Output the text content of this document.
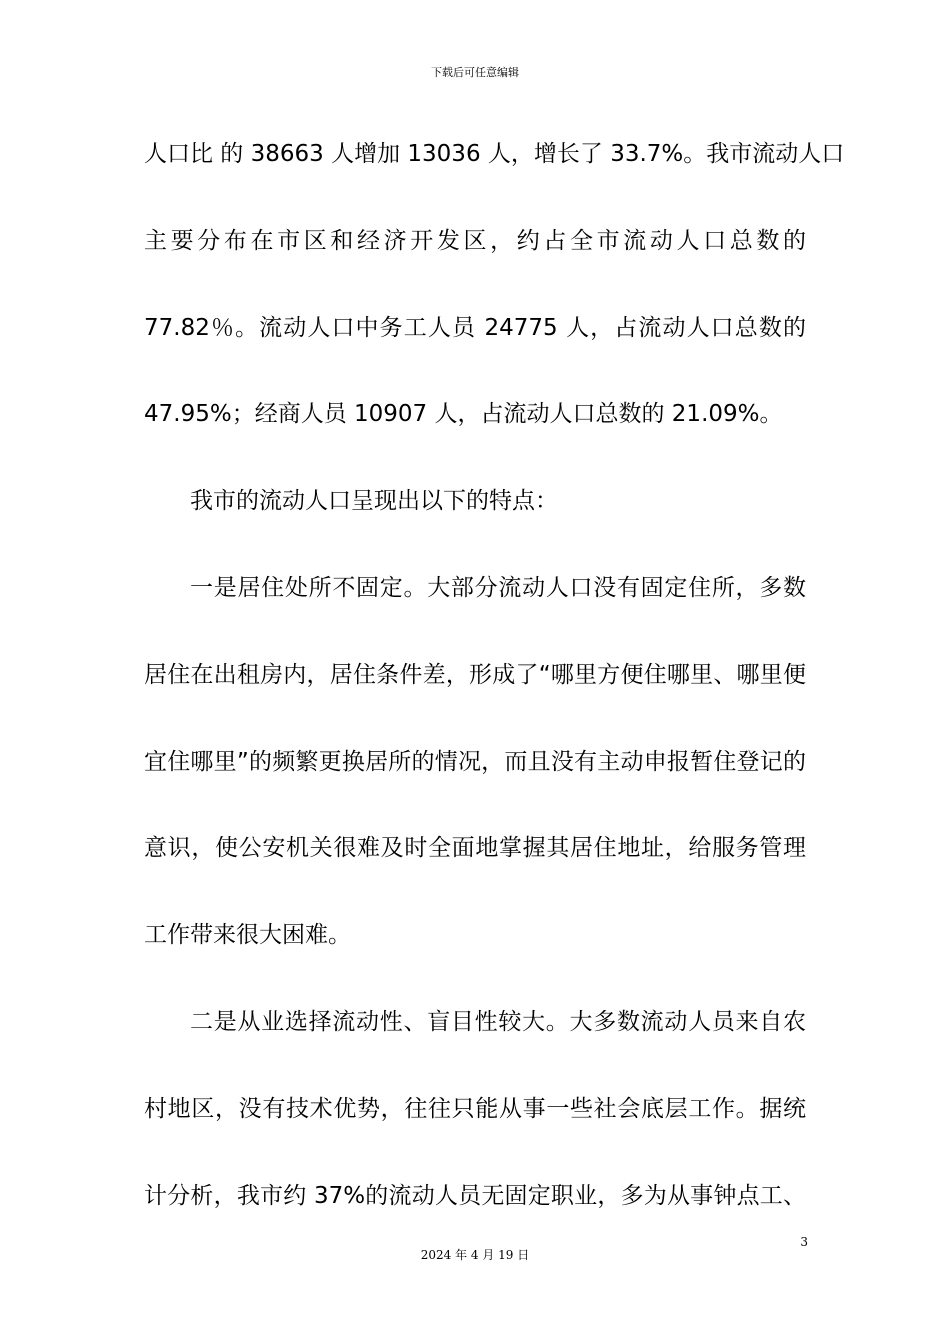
下载后可任意编辑
人口比 的 38663 人增加 13036 人，增长了 33.7%。我市流动人口
主要分布在市区和经济开发区，约占全市流动人口总数的
77.82％。流动人口中务工人员 24775 人，占流动人口总数的
47.95%；经商人员 10907 人，占流动人口总数的 21.09%。
我市的流动人口呈现出以下的特点：
一是居住处所不固定。大部分流动人口没有固定住所，多数
居住在出租房内，居住条件差，形成了“哪里方便住哪里、哪里便
宜住哪里”的频繁更换居所的情况，而且没有主动申报暂住登记的
意识，使公安机关很难及时全面地掌握其居住地址，给服务管理
工作带来很大困难。
二是从业选择流动性、盲目性较大。大多数流动人员来自农
村地区，没有技术优势，往往只能从事一些社会底层工作。据统
计分析，我市约 37%的流动人员无固定职业，多为从事钟点工、
3
2024 年 4 月 19 日
